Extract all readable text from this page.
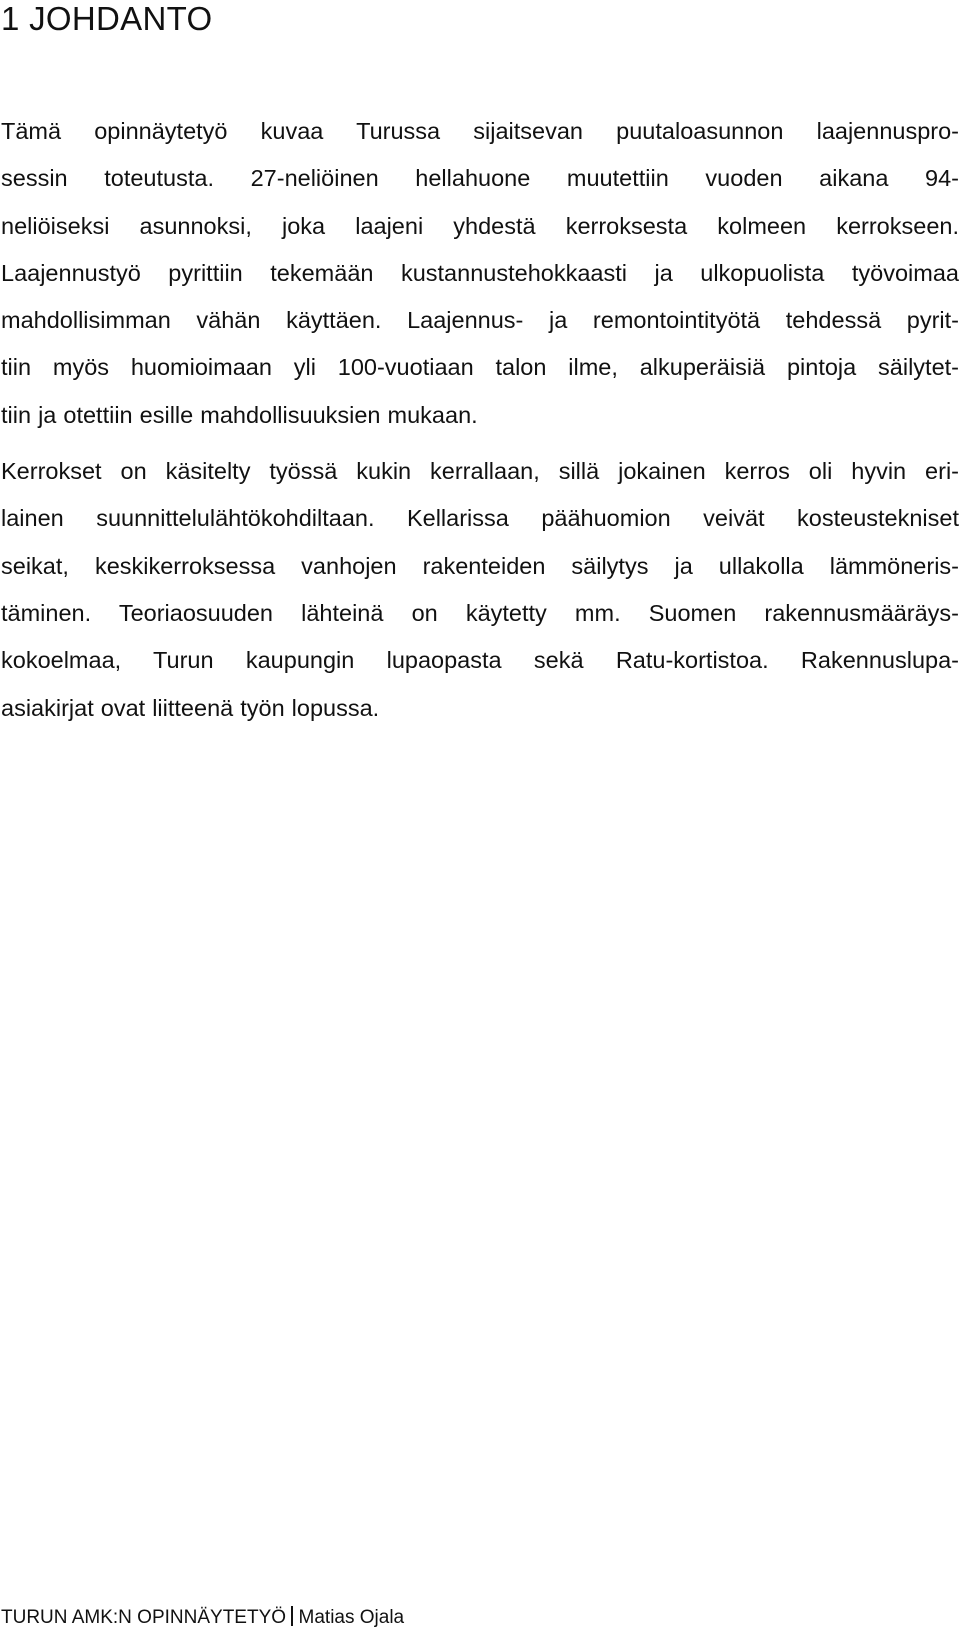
1 JOHDANTO

Tämä opinnäytetyö kuvaa Turussa sijaitsevan puutaloasunnon laajennuspro-
sessin toteutusta. 27-neliöinen hellahuone muutettiin vuoden aikana 94-
neliöiseksi asunnoksi, joka laajeni yhdestä kerroksesta kolmeen kerrokseen.
Laajennustyö pyrittiin tekemään kustannustehokkaasti ja ulkopuolista työvoimaa
mahdollisimman vähän käyttäen. Laajennus- ja remontointityötä tehdessä pyrit-
tiin myös huomioimaan yli 100-vuotiaan talon ilme, alkuperäisiä pintoja säilytet-
tiin ja otettiin esille mahdollisuuksien mukaan.

Kerrokset on käsitelty työssä kukin kerrallaan, sillä jokainen kerros oli hyvin eri-
lainen suunnittelulähtökohdiltaan. Kellarissa päähuomion veivät kosteustekniset
seikat, keskikerroksessa vanhojen rakenteiden säilytys ja ullakolla lämmöneris-
täminen. Teoriaosuuden lähteinä on käytetty mm. Suomen rakennusmääräys-
kokoelmaa, Turun kaupungin lupaopasta sekä Ratu-kortistoa. Rakennuslupa-
asiakirjat ovat liitteenä työn lopussa.

TURUN AMK:N OPINNÄYTETYÖ Matias Ojala
